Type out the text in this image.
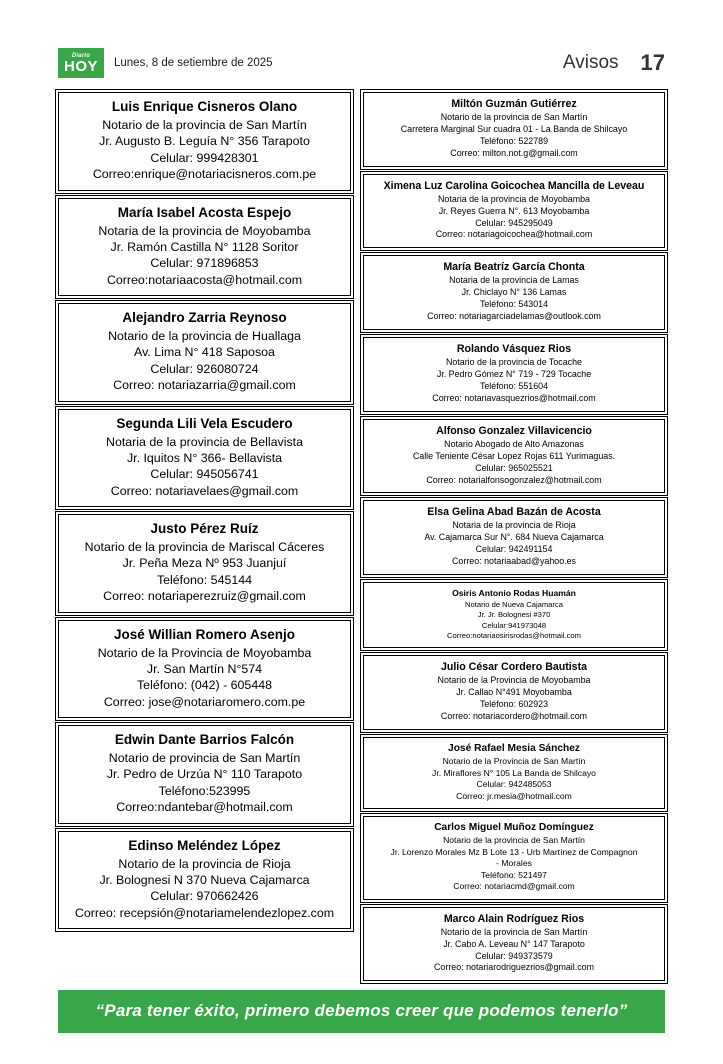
Diario
HOY Lunes, 8 de setiembre de 2025	Avisos 17
Luis Enrique Cisneros Olano
Notario de la provincia de San Martín
Jr. Augusto B. Leguía N° 356 Tarapoto
Celular: 999428301
Correo:enrique@notariacisneros.com.pe
María Isabel Acosta Espejo
Notaria de la provincia de Moyobamba
Jr. Ramón Castilla N° 1128 Soritor
Celular: 971896853
Correo:notariaacosta@hotmail.com
Alejandro Zarria Reynoso
Notario de la provincia de Huallaga
Av. Lima N° 418 Saposoa
Celular: 926080724
Correo: notariazarria@gmail.com
Segunda Lili Vela Escudero
Notaria de la provincia de Bellavista
Jr. Iquitos N° 366- Bellavista
Celular: 945056741
Correo: notariavelaes@gmail.com
Justo Pérez Ruíz
Notario de la provincia de Mariscal Cáceres
Jr. Peña Meza Nº 953 Juanjuí
Teléfono: 545144
Correo: notariaperezruiz@gmail.com
José Willian Romero Asenjo
Notario de la Provincia de Moyobamba
Jr. San Martín N°574
Teléfono: (042) - 605448
Correo: jose@notariaromero.com.pe
Edwin Dante Barrios Falcón
Notario de provincia de San Martín
Jr. Pedro de Urzúa N° 110 Tarapoto
Teléfono:523995
Correo:ndantebar@hotmail.com
Edinso Meléndez López
Notario de la provincia de Rioja
Jr. Bolognesi N 370 Nueva Cajamarca
Celular: 970662426
Correo: recepsión@notariamelendezlopez.com
Miltón Guzmán Gutiérrez
Notario de la provincia de San Martín
Carretera Marginal Sur cuadra 01 - La Banda de Shilcayo
Teléfono: 522789
Correo: milton.not.g@gmail.com
Ximena Luz Carolina Goicochea Mancilla de Leveau
Notaria de la provincia de Moyobamba
Jr. Reyes Guerra N°. 613 Moyobamba
Celular: 945295049
Correo: notariagoicochea@hotmail.com
María Beatríz García Chonta
Notaria de la provincia de Lamas
Jr. Chiclayo N° 136 Lamas
Teléfono: 543014
Correo: notariagarciadelamas@outlook.com
Rolando Vásquez Rios
Notario de la provincia de Tocache
Jr. Pedro Gómez N° 719 - 729 Tocache
Teléfono: 551604
Correo: notariavasquezrios@hotmail.com
Alfonso Gonzalez Villavicencio
Notario Abogado de Alto Amazonas
Calle Teniente César Lopez Rojas 611 Yurimaguas.
Celular: 965025521
Correo: notarialfonsogonzalez@hotmail.com
Elsa Gelina Abad Bazán de Acosta
Notaria de la provincia de Rioja
Av. Cajamarca Sur N°. 684 Nueva Cajamarca
Celular: 942491154
Correo: notariaabad@yahoo.es
Osiris Antonio Rodas Huamán
Notario de Nueva Cajamarca
Jr. Jr. Bolognesi #370
Celular:941973048
Correo:notariaosirisrodas@hotmail.com
Julio César Cordero Bautista
Notario de la Provincia de Moyobamba
Jr. Callao N°491 Moyobamba
Teléfono: 602923
Correo: notariacordero@hotmail.com
José Rafael Mesia Sánchez
Notario de la Provincia de San Martín
Jr. Miraflores N° 105 La Banda de Shilcayo
Celular: 942485053
Correo: jr.mesia@hotmail.com
Carlos Miguel Muñoz Domínguez
Notario de la provincia de San Martín
Jr. Lorenzo Morales Mz B Lote 13 - Urb Martínez de Compagnon
- Morales
Teléfono: 521497
Correo: notariacmd@gmail.com
Marco Alain Rodríguez Rios
Notario de la provincia de San Martín
Jr. Cabo A. Leveau N° 147 Tarapoto
Celular: 949373579
Correo: notariarodriguezrios@gmail.com
“Para tener éxito, primero debemos creer que podemos tenerlo”
